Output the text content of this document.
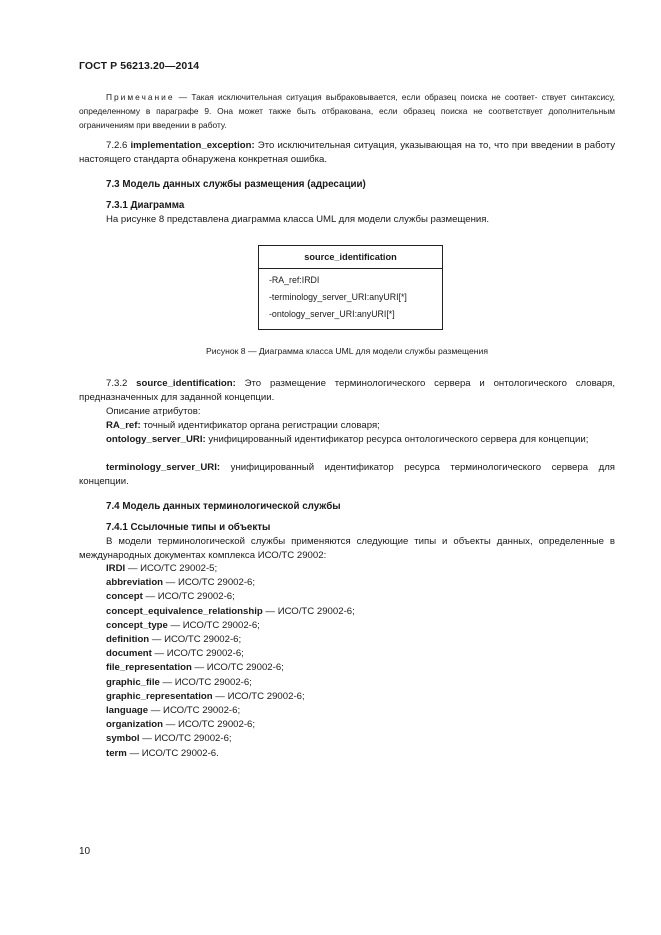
ГОСТ Р 56213.20—2014
Примечание — Такая исключительная ситуация выбраковывается, если образец поиска не соответ- ствует синтаксису, определенному в параграфе 9. Она может также быть отбракована, если образец поиска не соответствует дополнительным ограничениям при введении в работу.
7.2.6 implementation_exception: Это исключительная ситуация, указывающая на то, что при введении в работу настоящего стандарта обнаружена конкретная ошибка.
7.3 Модель данных службы размещения (адресации)
7.3.1 Диаграмма
На рисунке 8 представлена диаграмма класса UML для модели службы размещения.
source_identification
-RA_ref:IRDI
-terminology_server_URI:anyURI[*]
-ontology_server_URI:anyURI[*]
Рисунок 8 — Диаграмма класса UML для модели службы размещения
7.3.2 source_identification: Это размещение терминологического сервера и онтологического словаря, предназначенных для заданной концепции.
Описание атрибутов:
RA_ref: точный идентификатор органа регистрации словаря;
ontology_server_URI: унифицированный идентификатор ресурса онтологического сервера для концепции;
terminology_server_URI: унифицированный идентификатор ресурса терминологического сервера для концепции.
7.4 Модель данных терминологической службы
7.4.1 Ссылочные типы и объекты
В модели терминологической службы применяются следующие типы и объекты данных, определенные в международных документах комплекса ИСО/ТС 29002:
IRDI — ИСО/ТС 29002-5;
abbreviation — ИСО/ТС 29002-6;
concept — ИСО/ТС 29002-6;
concept_equivalence_relationship — ИСО/ТС 29002-6;
concept_type — ИСО/ТС 29002-6;
definition — ИСО/ТС 29002-6;
document — ИСО/ТС 29002-6;
file_representation — ИСО/ТС 29002-6;
graphic_file — ИСО/ТС 29002-6;
graphic_representation — ИСО/ТС 29002-6;
language — ИСО/ТС 29002-6;
organization — ИСО/ТС 29002-6;
symbol — ИСО/ТС 29002-6;
term — ИСО/ТС 29002-6.
10
